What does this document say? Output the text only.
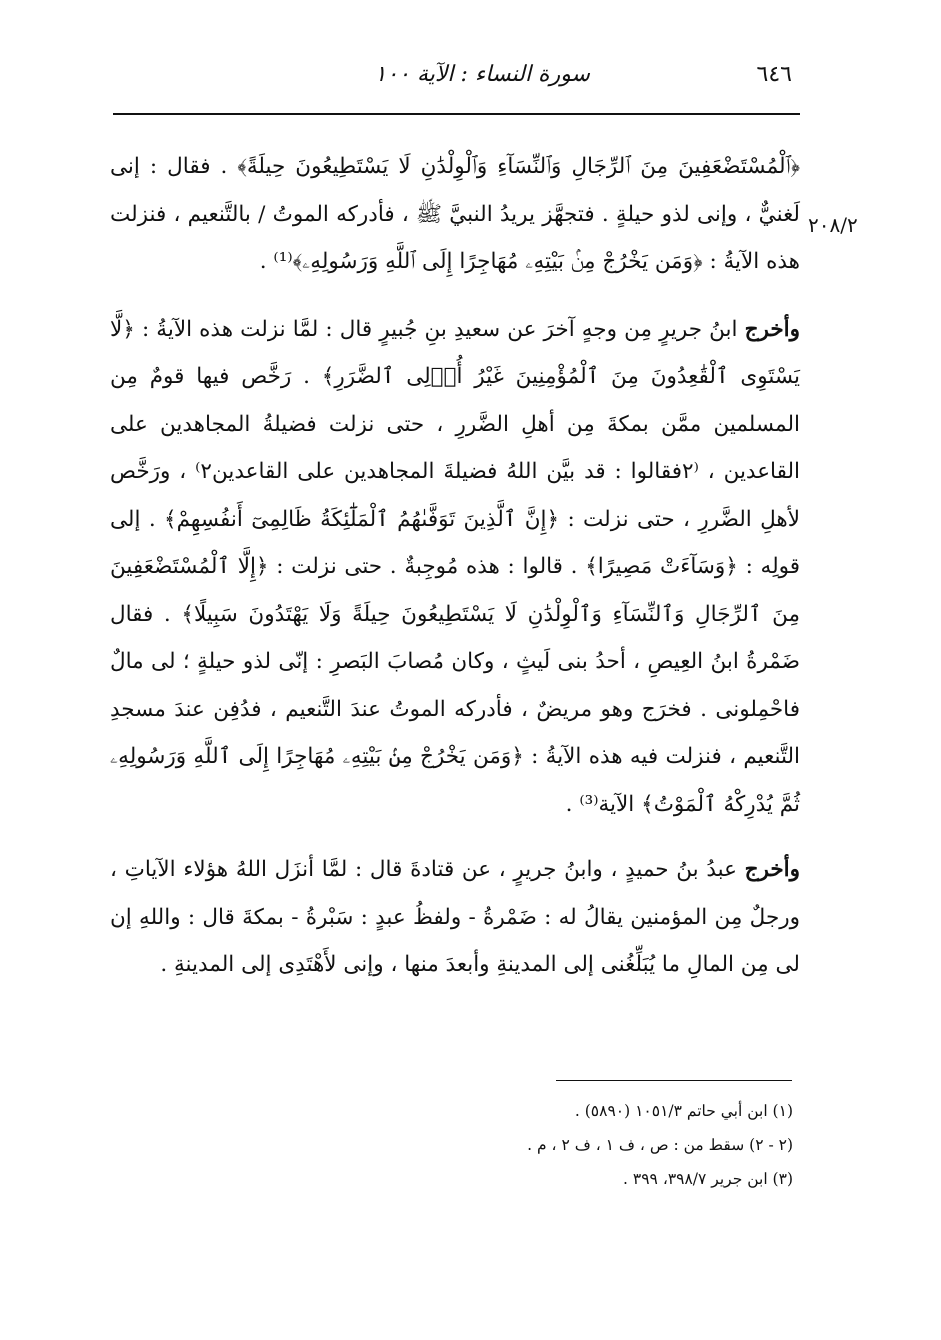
٦٤٦
سورة النساء : الآية ١٠٠
٢٠٨/٢

﴿ٱلْمُسْتَضْعَفِينَ مِنَ ٱلرِّجَالِ وَٱلنِّسَآءِ وَٱلْوِلْدَٰنِ لَا يَسْتَطِيعُونَ حِيلَةً﴾ . فقال : إنى لَغنيٌّ ، وإنى لذو حيلةٍ . فتجهَّز يريدُ النبيَّ ﷺ ، فأدركه الموتُ / بالتَّنعيم ، فنزلت هذه الآيةُ : ﴿وَمَن يَخْرُجْ مِنۢ بَيْتِهِۦ مُهَاجِرًا إِلَى ٱللَّهِ وَرَسُولِهِۦ﴾⁽¹⁾ .

وأخرج ابنُ جريرٍ مِن وجهٍ آخرَ عن سعيدِ بنِ جُبيرٍ قال : لمَّا نزلت هذه الآيةُ : ﴿لَّا يَسْتَوِى ٱلْقَٰعِدُونَ مِنَ ٱلْمُؤْمِنِينَ غَيْرُ أُو۟لِى ٱلضَّرَرِ﴾ . رَخَّص فيها قومٌ مِن المسلمين ممَّن بمكةَ مِن أهلِ الضَّررِ ، حتى نزلت فضيلةُ المجاهدين على القاعدين ، ⁽٢فقالوا : قد بيَّن اللهُ فضيلةَ المجاهدين على القاعدين٢⁾ ، ورَخَّص لأهلِ الضَّررِ ، حتى نزلت : ﴿إِنَّ ٱلَّذِينَ تَوَفَّىٰهُمُ ٱلْمَلَٰٓئِكَةُ ظَالِمِىٓ أَنفُسِهِمْ﴾ . إلى قولِه : ﴿وَسَآءَتْ مَصِيرًا﴾ . قالوا : هذه مُوجِبةٌ . حتى نزلت : ﴿إِلَّا ٱلْمُسْتَضْعَفِينَ مِنَ ٱلرِّجَالِ وَٱلنِّسَآءِ وَٱلْوِلْدَٰنِ لَا يَسْتَطِيعُونَ حِيلَةً وَلَا يَهْتَدُونَ سَبِيلًا﴾ . فقال ضَمْرةُ ابنُ العِيصِ ، أحدُ بنى لَيثٍ ، وكان مُصابَ البَصرِ : إنّى لذو حيلةٍ ؛ لى مالٌ فاحْمِلونى . فخرَج وهو مريضٌ ، فأدركه الموتُ عندَ التَّنعيم ، فدُفِن عندَ مسجدِ التَّنعيم ، فنزلت فيه هذه الآيةُ : ﴿وَمَن يَخْرُجْ مِنۢ بَيْتِهِۦ مُهَاجِرًا إِلَى ٱللَّهِ وَرَسُولِهِۦ ثُمَّ يُدْرِكْهُ ٱلْمَوْتُ﴾ الآية⁽³⁾ .

وأخرج عبدُ بنُ حميدٍ ، وابنُ جريرٍ ، عن قتادةَ قال : لمَّا أنزَل اللهُ هؤلاء الآياتِ ، ورجلٌ مِن المؤمنين يقالُ له : ضَمْرةُ - ولفظُ عبدٍ : سَبْرةُ - بمكةَ قال : واللهِ إن لى مِن المالِ ما يُبَلِّغُنى إلى المدينةِ وأبعدَ منها ، وإنى لأَهْتَدِى إلى المدينةِ .

(١) ابن أبي حاتم ١٠٥١/٣ (٥٨٩٠) .
(٢ - ٢) سقط من : ص ، ف ١ ، ف ٢ ، م .
(٣) ابن جرير ٣٩٨/٧، ٣٩٩ .
